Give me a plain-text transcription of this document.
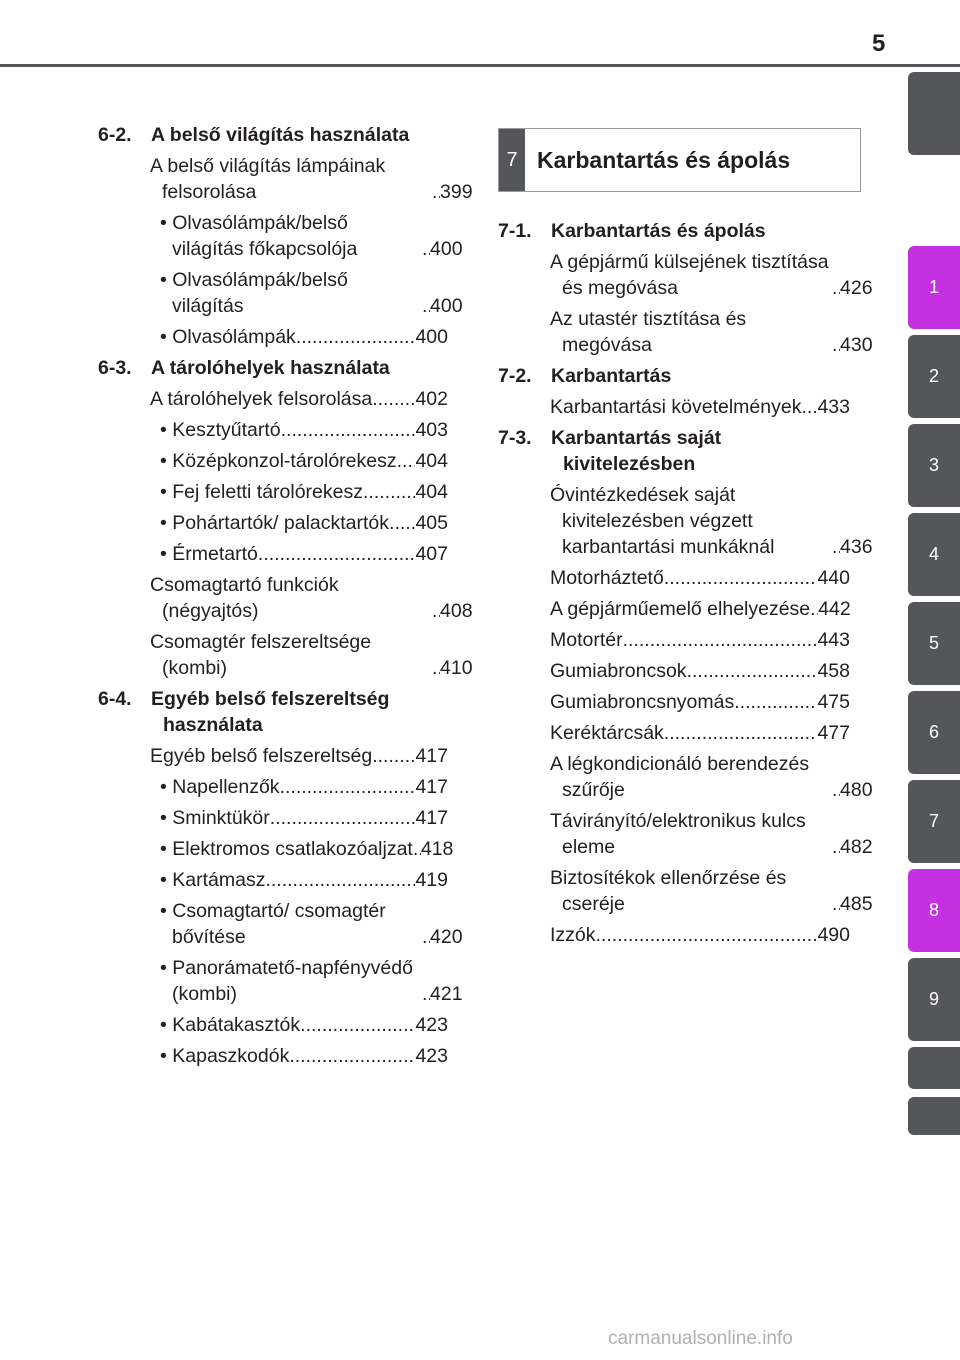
5
1
2
3
4
5
6
7
8
9
6-2. A belső világítás használata
A belső világítás lámpáinak felsorolása .....	399
• Olvasólámpák/belső világítás főkapcsolója .....	400
• Olvasólámpák/belső világítás .....	400
• Olvasólámpák .....	400
6-3. A tárolóhelyek használata
A tárolóhelyek felsorolása ..... 402
• Kesztyűtartó .....	403
• Középkonzol-tárolórekesz ..... 404
• Fej feletti tárolórekesz .....	404
• Pohártartók/ palacktartók ..... 405
• Érmetartó .....	407
Csomagtartó funkciók (négyajtós) .....	408
Csomagtér felszereltsége (kombi) .....	410
6-4. Egyéb belső felszereltség használata
Egyéb belső felszereltség ..... 417
• Napellenzők .....	417
• Sminktükör .....	417
• Elektromos csatlakozóaljzat ..... 418
• Kartámasz .....	419
• Csomagtartó/ csomagtér bővítése .....	420
• Panorámatető-napfényvédő (kombi) .....	421
• Kabátakasztók .....	423
• Kapaszkodók .....	423
7 Karbantartás és ápolás
7-1. Karbantartás és ápolás
A gépjármű külsejének tisztítása és megóvása .....	426
Az utastér tisztítása és megóvása .....	430
7-2. Karbantartás
Karbantartási követelmények ..... 433
7-3. Karbantartás saját kivitelezésben
Óvintézkedések saját kivitelezésben végzett karbantartási munkáknál .....	436
Motorháztető .....	440
A gépjárműemelő elhelyezése ..... 442
Motortér .....	443
Gumiabroncsok .....	458
Gumiabroncsnyomás .....	475
Keréktárcsák .....	477
A légkondicionáló berendezés szűrője .....	480
Távirányító/elektronikus kulcs eleme .....	482
Biztosítékok ellenőrzése és cseréje .....	485
Izzók .....	490
carmanualsonline.info
